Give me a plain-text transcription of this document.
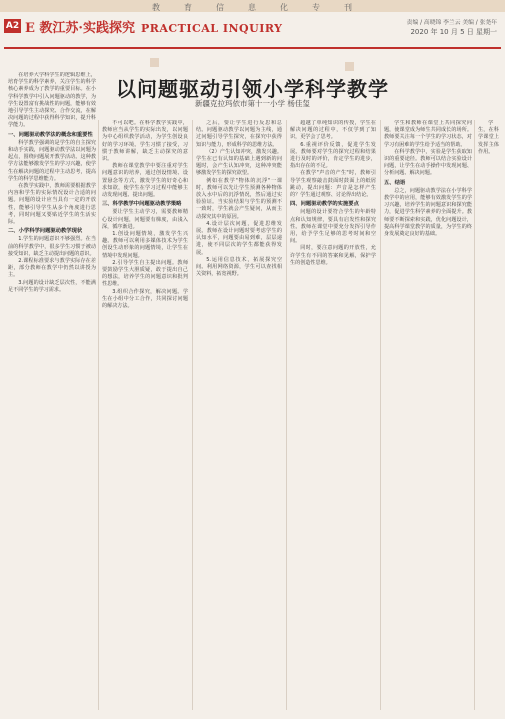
教	育	信	息	化	专	刊
A2 E 教江苏·实践探究 PRACTICAL INQUIRY	责编 / 高晓锦 李兰云 美编 / 张尧年
2020 年 10 月 5 日 星期一
以问题驱动引领小学科学教学
新疆克拉玛依市第十一小学 杨佳玺

在培养大学科学生的逻辑思维上，培育学生的科学素养，关注学生的科学核心素养成为了教学的重要目标。在小学科学教学中引入问题驱动的教学，为学生设置富有挑战性的问题，能够有效地引导学生主动探究、合作交流，在解决问题的过程中获得科学知识，提升科学能力。

一、问题驱动教学法的概念和重要性

科学教学强调的是学生的自主探究和动手实践，问题驱动教学法以问题为起点，围绕问题展开教学活动。这种教学方法能够激发学生的学习兴趣，使学生在解决问题的过程中主动思考，提高学生的科学思维能力。

在教学实践中，教师需要根据教学内容和学生的实际情况设计合适的问题。问题的设计应当具有一定的开放性，能够引导学生从多个角度进行思考，同时问题又要贴近学生的生活实际。

二、小学科学问题驱动教学现状

1.学生的问题意识不够强烈。在当前的科学教学中，很多学生习惯于被动接受知识，缺乏主动提出问题的意识。

2.课程标准要求与教学实际存在差距，部分教师在教学中仍然以讲授为主。

3.问题的设计缺乏层次性，不能满足不同学生的学习需求。

不可以吧。在科学教学实践中，教师应当从学生的实际出发，以问题为中心组织教学活动，为学生创设良好的学习环境。学生习惯了接受，习惯于教师讲解，缺乏主动探究的意识。

教师在课堂教学中要注重对学生问题意识的培养，通过创设情境、设置悬念等方式，激发学生的好奇心和求知欲，使学生在学习过程中能够主动发现问题、提出问题。

三、科学教学中问题驱动教学策略

要让学生主动学习，需要教师精心设计问题，问题要有梯度，由浅入深，循序渐进。

1.创设问题情境，激发学生兴趣。教师可以利用多媒体技术为学生创设生动形象的问题情境，让学生在情境中发现问题。

2.引导学生自主提出问题。教师要鼓励学生大胆质疑，敢于提出自己的想法，培养学生的问题意识和批判性思维。

3.组织合作探究，解决问题。学生在小组中分工合作，共同探讨问题的解决方法。

之后，要让学生进行反思和总结。问题驱动教学以问题为主线，通过问题引导学生探究，在探究中获得知识与能力，形成科学的思维方法。

（2）产生认知冲突，激发兴趣。学生在已有认知的基础上遇到新的问题时，会产生认知冲突，这种冲突能够激发学生的探究欲望。

例如在教学"物体的沉浮"一课时，教师可以先让学生预测各种物体放入水中后的沉浮情况，然后通过实验验证。当实验结果与学生的预测不一致时，学生就会产生疑问，从而主动探究其中的原因。

4.设计层次问题，促进思维发展。教师在设计问题时要考虑学生的认知水平，问题要由易到难，层层递进，使不同层次的学生都能获得发展。

5.运用信息技术，拓展探究空间。利用网络资源，学生可以查找相关资料，拓宽视野。

超越了单纯知识的传授，学生在解决问题的过程中，不仅学到了知识，更学会了思考。

6.重视评价反馈，促进学生发展。教师要对学生的探究过程和结果进行及时的评价，肯定学生的进步，指出存在的不足。

在教学"声音的产生"时，教师引导学生观察敲击鼓面时鼓面上的纸屑跳动，提出问题：声音是怎样产生的？学生通过观察、讨论得出结论。

四、问题驱动教学的实施要点

问题的设计要符合学生的年龄特点和认知规律，要具有启发性和探究性。教师在课堂中要充分发挥引导作用，给予学生足够的思考时间和空间。

同时，要注意问题的开放性，允许学生有不同的答案和见解，保护学生的创造性思维。

学生和教师在课堂上共同探究问题，使课堂成为师生共同成长的场所。教师要关注每一个学生的学习状态，对学习有困难的学生给予适当的帮助。

在科学教学中，实验是学生获取知识的重要途径。教师可以结合实验设计问题，让学生在动手操作中发现问题、分析问题、解决问题。

五、结语

总之，问题驱动教学法在小学科学教学中的应用，能够有效激发学生的学习兴趣，培养学生的问题意识和探究能力，促进学生科学素养的全面提升。教师要不断探索和实践，优化问题设计，提高科学课堂教学的质量，为学生的终身发展奠定良好的基础。

学生，在科学课堂上发挥主体作用。
